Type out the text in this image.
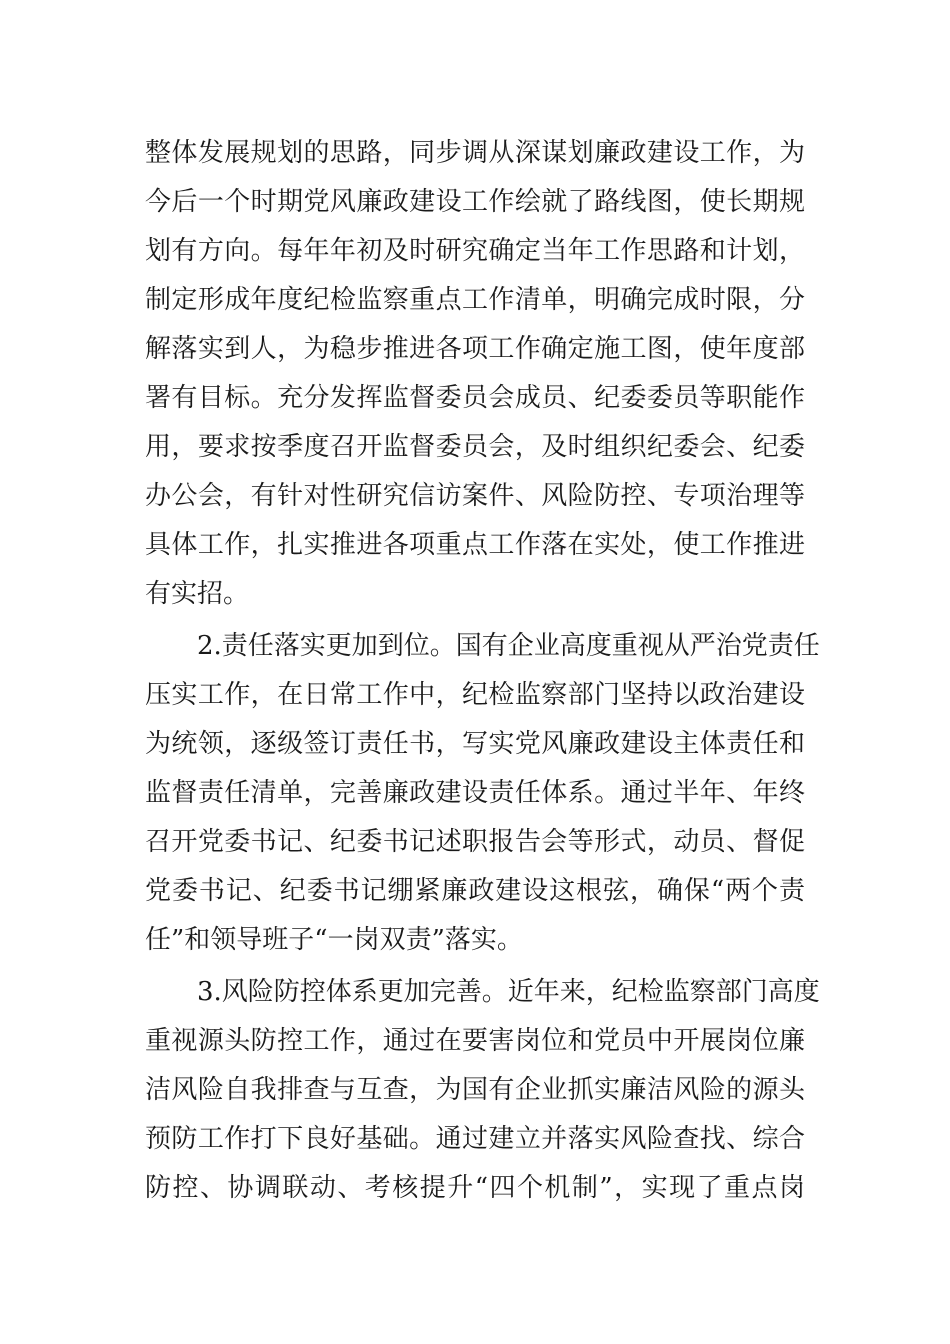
整体发展规划的思路，同步调从深谋划廉政建设工作，为
今后一个时期党风廉政建设工作绘就了路线图，使长期规
划有方向。每年年初及时研究确定当年工作思路和计划，
制定形成年度纪检监察重点工作清单，明确完成时限，分
解落实到人，为稳步推进各项工作确定施工图，使年度部
署有目标。充分发挥监督委员会成员、纪委委员等职能作
用，要求按季度召开监督委员会，及时组织纪委会、纪委
办公会，有针对性研究信访案件、风险防控、专项治理等
具体工作，扎实推进各项重点工作落在实处，使工作推进
有实招。
2.责任落实更加到位。国有企业高度重视从严治党责任
压实工作，在日常工作中，纪检监察部门坚持以政治建设
为统领，逐级签订责任书，写实党风廉政建设主体责任和
监督责任清单，完善廉政建设责任体系。通过半年、年终
召开党委书记、纪委书记述职报告会等形式，动员、督促
党委书记、纪委书记绷紧廉政建设这根弦，确保“两个责
任”和领导班子“一岗双责”落实。
3.风险防控体系更加完善。近年来，纪检监察部门高度
重视源头防控工作，通过在要害岗位和党员中开展岗位廉
洁风险自我排查与互查，为国有企业抓实廉洁风险的源头
预防工作打下良好基础。通过建立并落实风险查找、综合
防控、协调联动、考核提升“四个机制”，实现了重点岗
